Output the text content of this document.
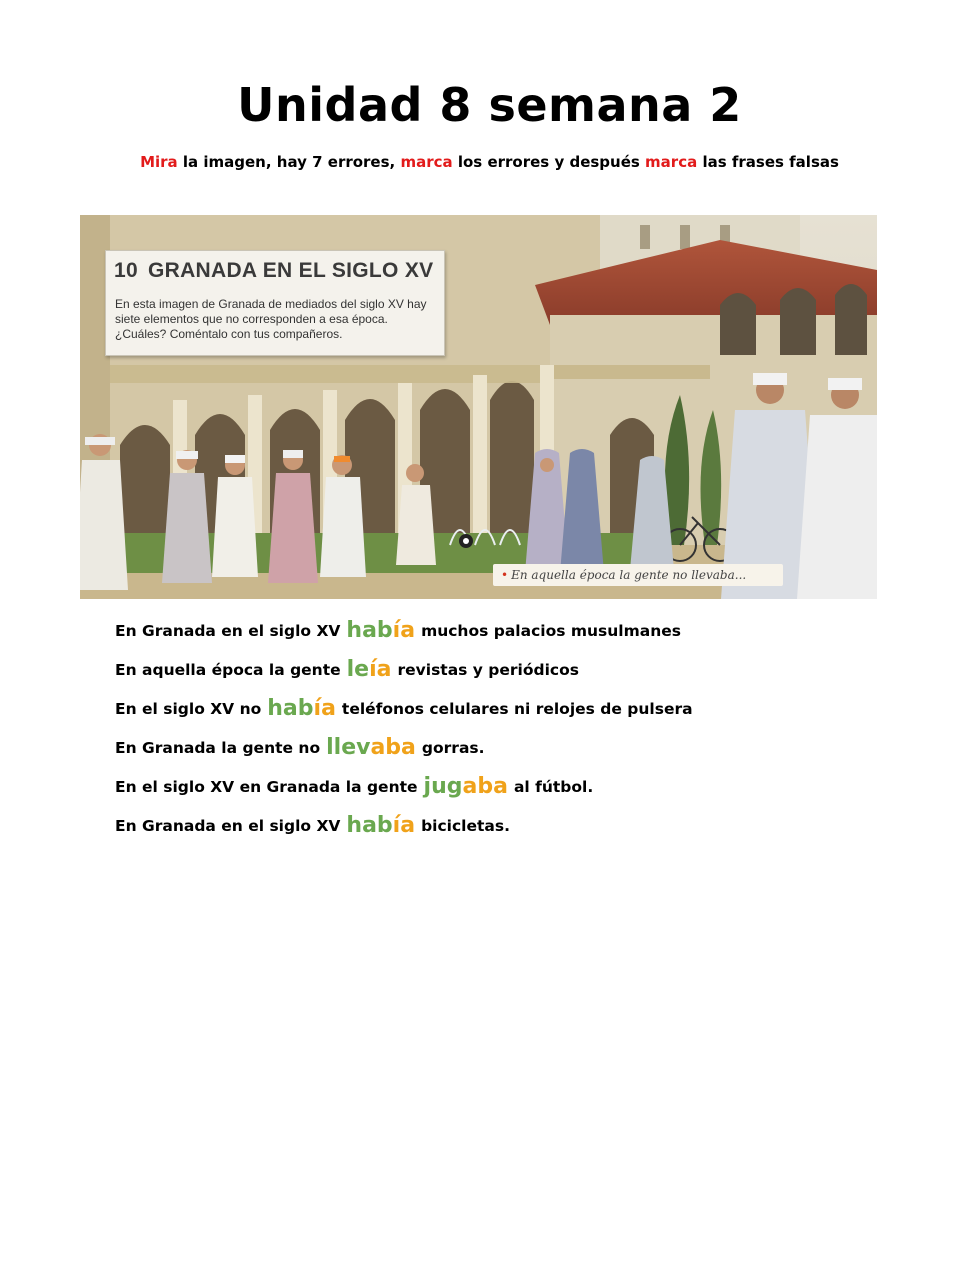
Unidad 8 semana 2
Mira la imagen, hay 7 errores, marca los errores y después marca las frases falsas
10 GRANADA EN EL SIGLO XV
En esta imagen de Granada de mediados del siglo XV hay siete elementos que no corresponden a esa época. ¿Cuáles? Coméntalo con tus compañeros.
• En aquella época la gente no llevaba...
En Granada en el siglo XV había muchos palacios musulmanes
En aquella época la gente leía revistas y periódicos
En el siglo XV no había teléfonos celulares ni relojes de pulsera
En Granada la gente no llevaba gorras.
En el siglo XV en Granada la gente jugaba al fútbol.
En Granada en el siglo XV había bicicletas.
